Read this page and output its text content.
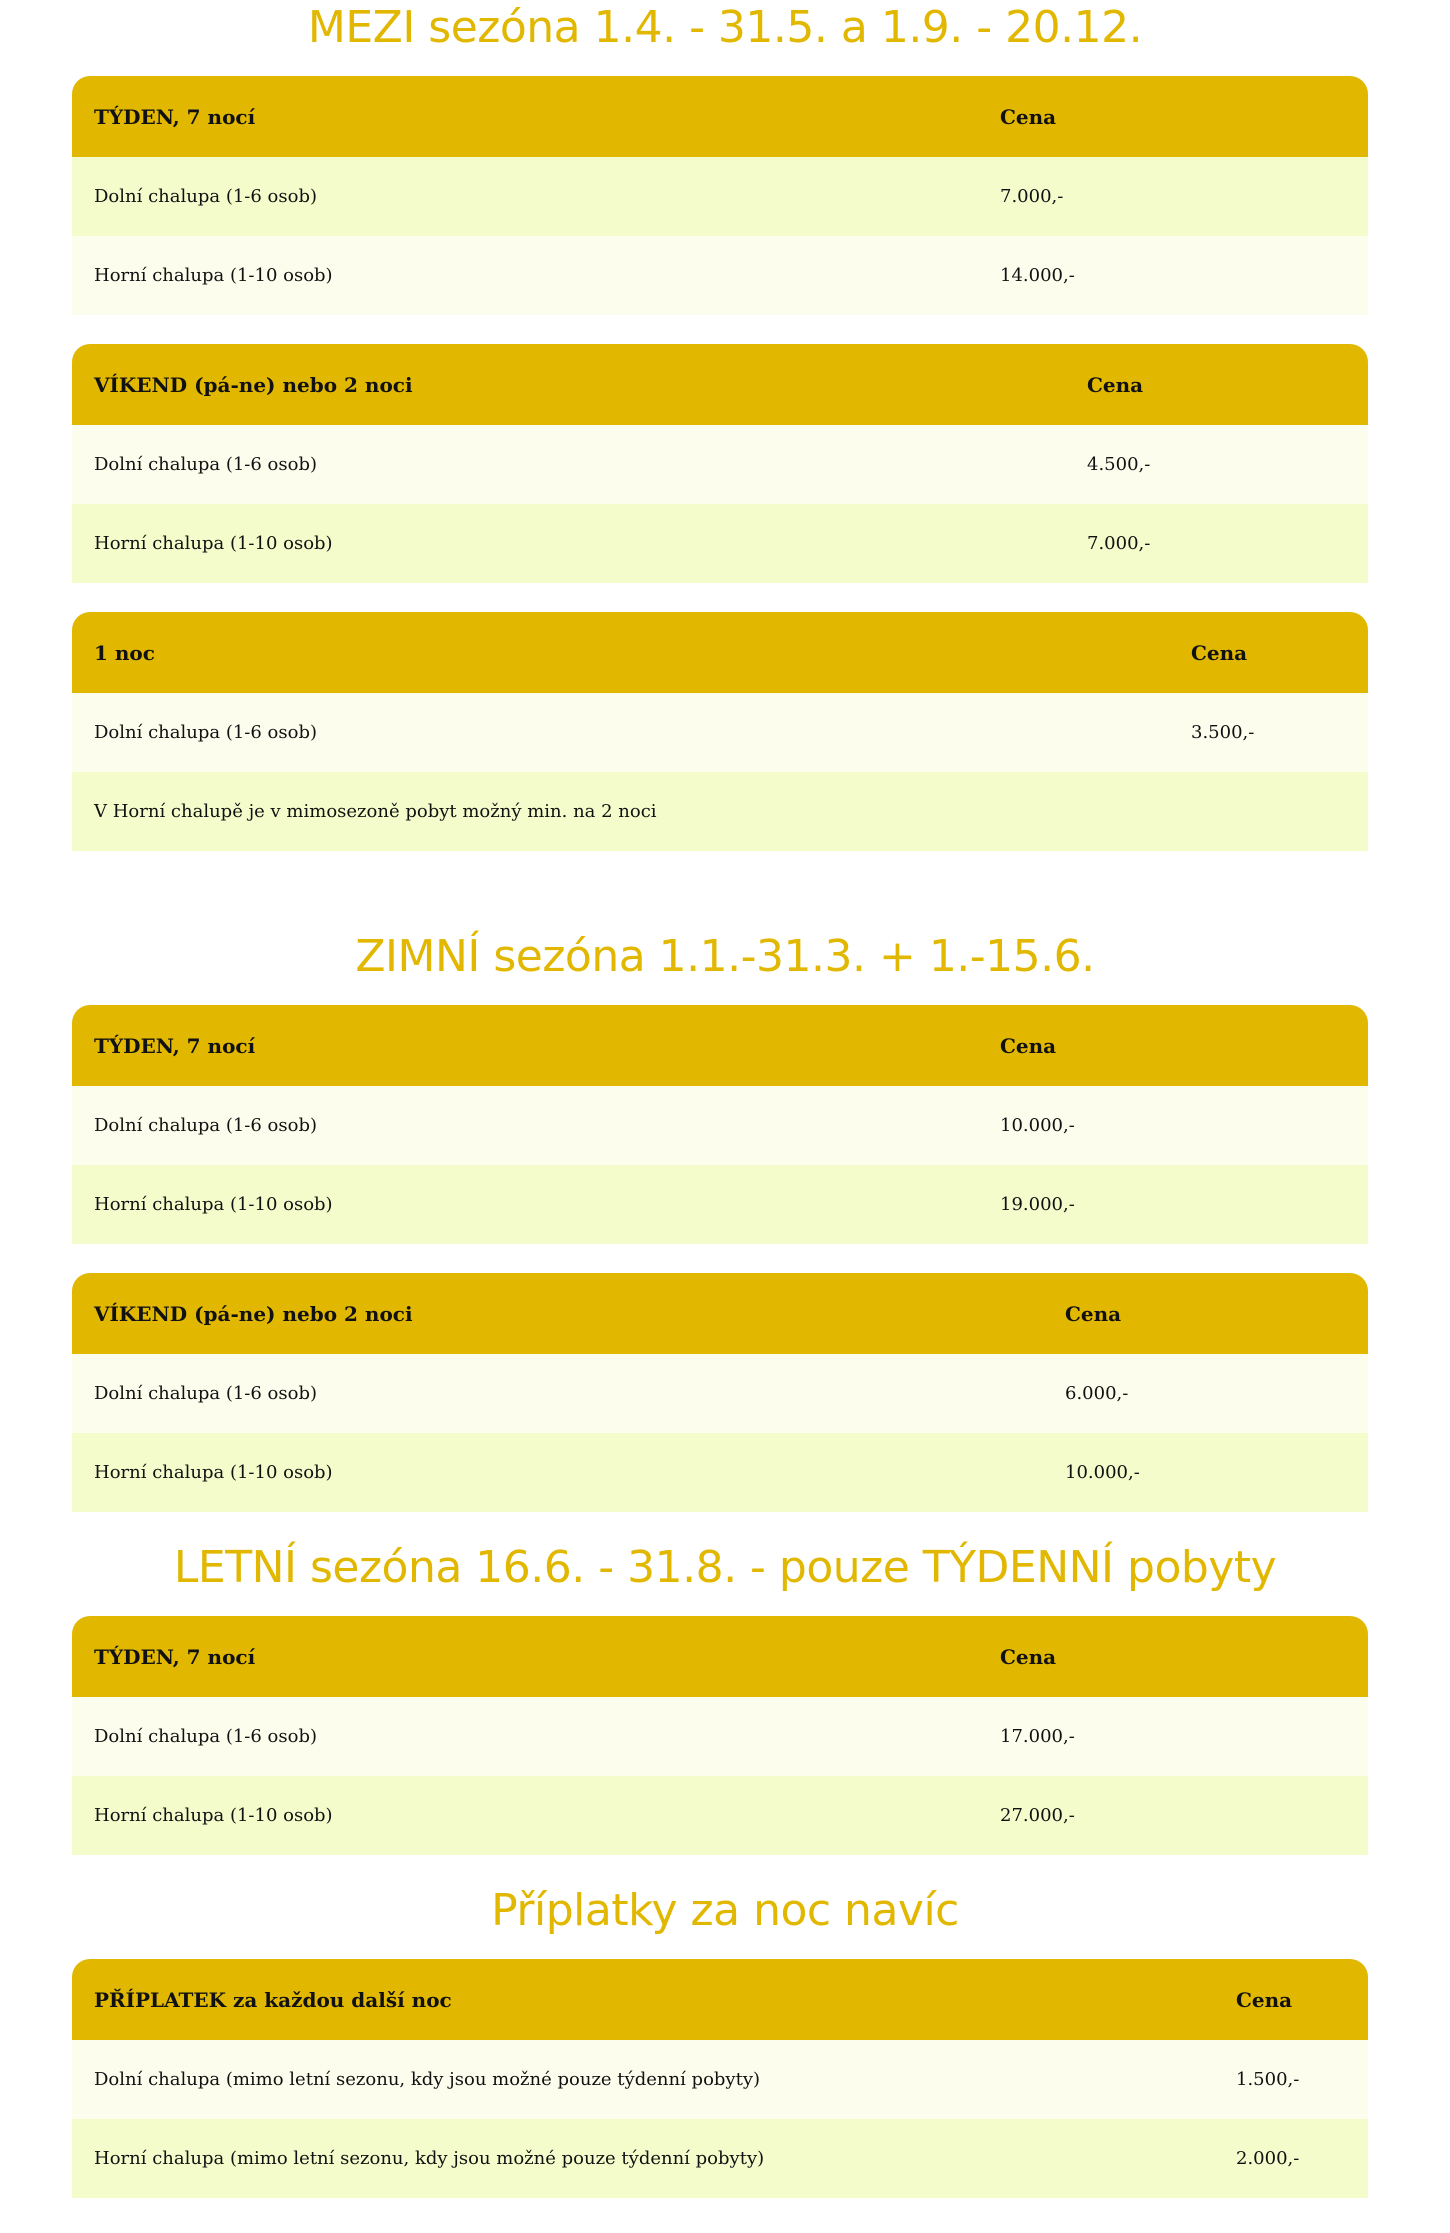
MEZI sezóna 1.4. - 31.5. a 1.9. - 20.12.
TÝDEN, 7 nocí	Cena
Dolní chalupa (1-6 osob)	7.000,-
Horní chalupa (1-10 osob)	14.000,-
VÍKEND (pá-ne) nebo 2 noci	Cena
Dolní chalupa (1-6 osob)	4.500,-
Horní chalupa (1-10 osob)	7.000,-
1 noc	Cena
Dolní chalupa (1-6 osob)	3.500,-
V Horní chalupě je v mimosezoně pobyt možný min. na 2 noci	
ZIMNÍ sezóna 1.1.-31.3. + 1.-15.6.
TÝDEN, 7 nocí	Cena
Dolní chalupa (1-6 osob)	10.000,-
Horní chalupa (1-10 osob)	19.000,-
VÍKEND (pá-ne) nebo 2 noci	Cena
Dolní chalupa (1-6 osob)	6.000,-
Horní chalupa (1-10 osob)	10.000,-
LETNÍ sezóna 16.6. - 31.8. - pouze TÝDENNÍ pobyty
TÝDEN, 7 nocí	Cena
Dolní chalupa (1-6 osob)	17.000,-
Horní chalupa (1-10 osob)	27.000,-
Příplatky za noc navíc
PŘÍPLATEK za každou další noc	Cena
Dolní chalupa (mimo letní sezonu, kdy jsou možné pouze týdenní pobyty)	1.500,-
Horní chalupa (mimo letní sezonu, kdy jsou možné pouze týdenní pobyty)	2.000,-
